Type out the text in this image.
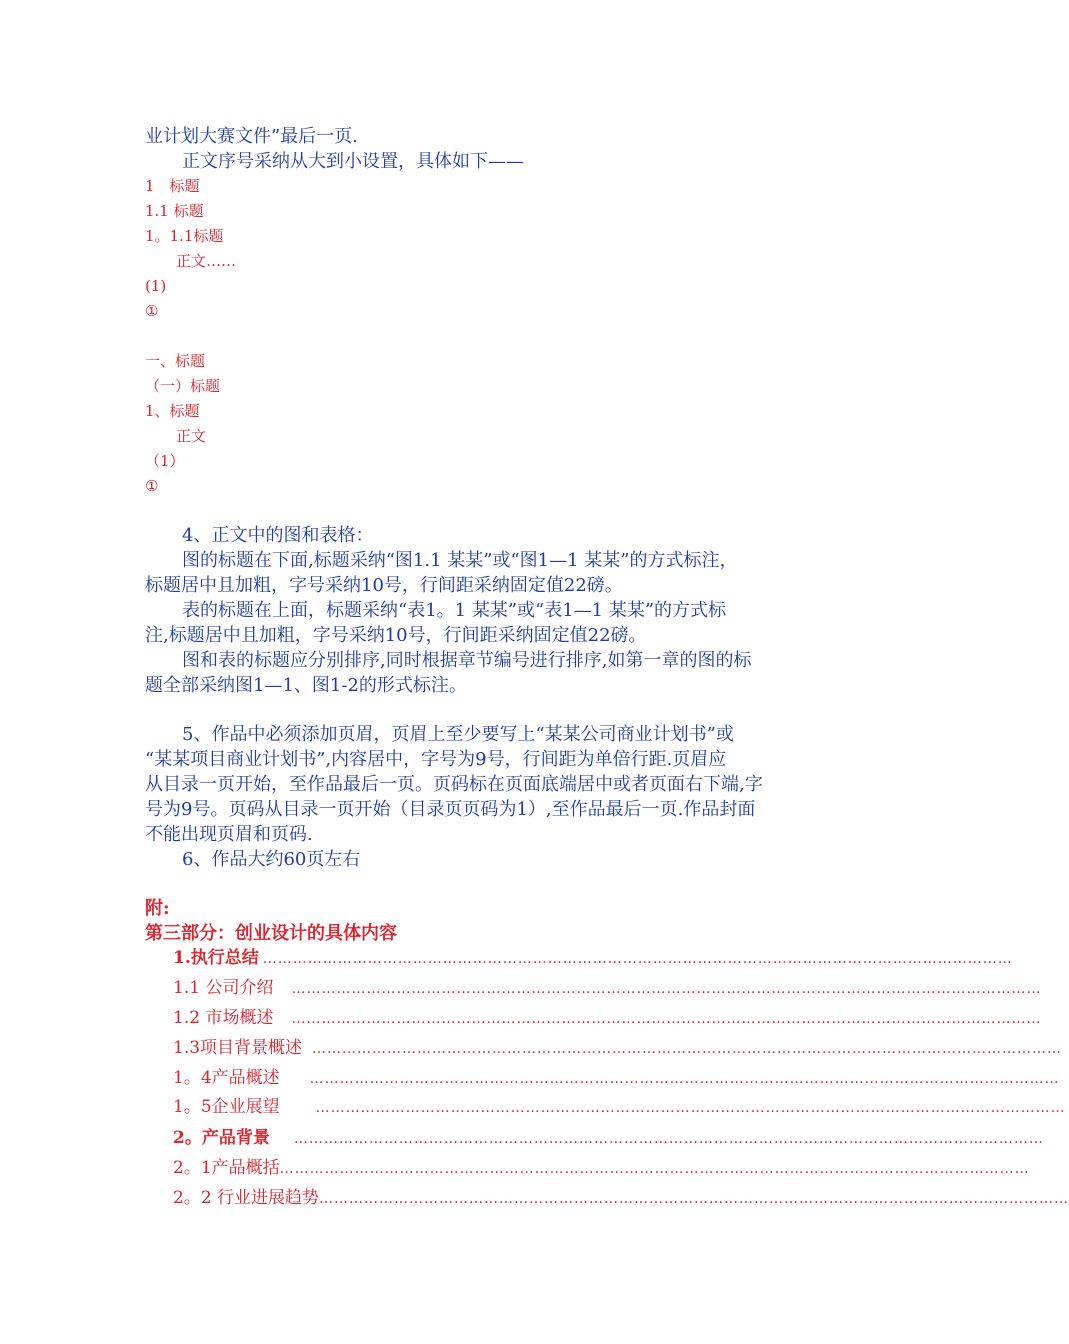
业计划大赛文件”最后一页.
正文序号采纳从大到小设置，具体如下——
1　标题
1.1 标题
1。1.1标题
正文……
(1)
①
一、标题
（一）标题
1、标题
正文
（1）
①
4、正文中的图和表格：
图的标题在下面,标题采纳“图1.1 某某”或“图1—1 某某”的方式标注，
标题居中且加粗，字号采纳10号，行间距采纳固定值22磅。
表的标题在上面，标题采纳“表1。1 某某”或“表1—1 某某”的方式标
注,标题居中且加粗，字号采纳10号，行间距采纳固定值22磅。
图和表的标题应分别排序,同时根据章节编号进行排序,如第一章的图的标
题全部采纳图1—1、图1-2的形式标注。
5、作品中必须添加页眉，页眉上至少要写上“某某公司商业计划书”或
“某某项目商业计划书”,内容居中，字号为9号，行间距为单倍行距.页眉应
从目录一页开始，至作品最后一页。页码标在页面底端居中或者页面右下端,字
号为9号。页码从目录一页开始（目录页页码为1）,至作品最后一页.作品封面
不能出现页眉和页码.
6、作品大约60页左右
附:
第三部分：创业设计的具体内容
1.执行总结 ……………………………………………………………………………………………………………………………………
1.1 公司介绍 ……………………………………………………………………………………………………………………………………
1.2 市场概述 ……………………………………………………………………………………………………………………………………
1.3项目背景概述 ……………………………………………………………………………………………………………………………………
1。4产品概述 ……………………………………………………………………………………………………………………………………
1。5企业展望	……………………………………………………………………………………………………………………………………
2。产品背景 ……………………………………………………………………………………………………………………………………
2。1产品概括 ……………………………………………………………………………………………………………………………………
2。2 行业进展趋势 ……………………………………………………………………………………………………………………………………
